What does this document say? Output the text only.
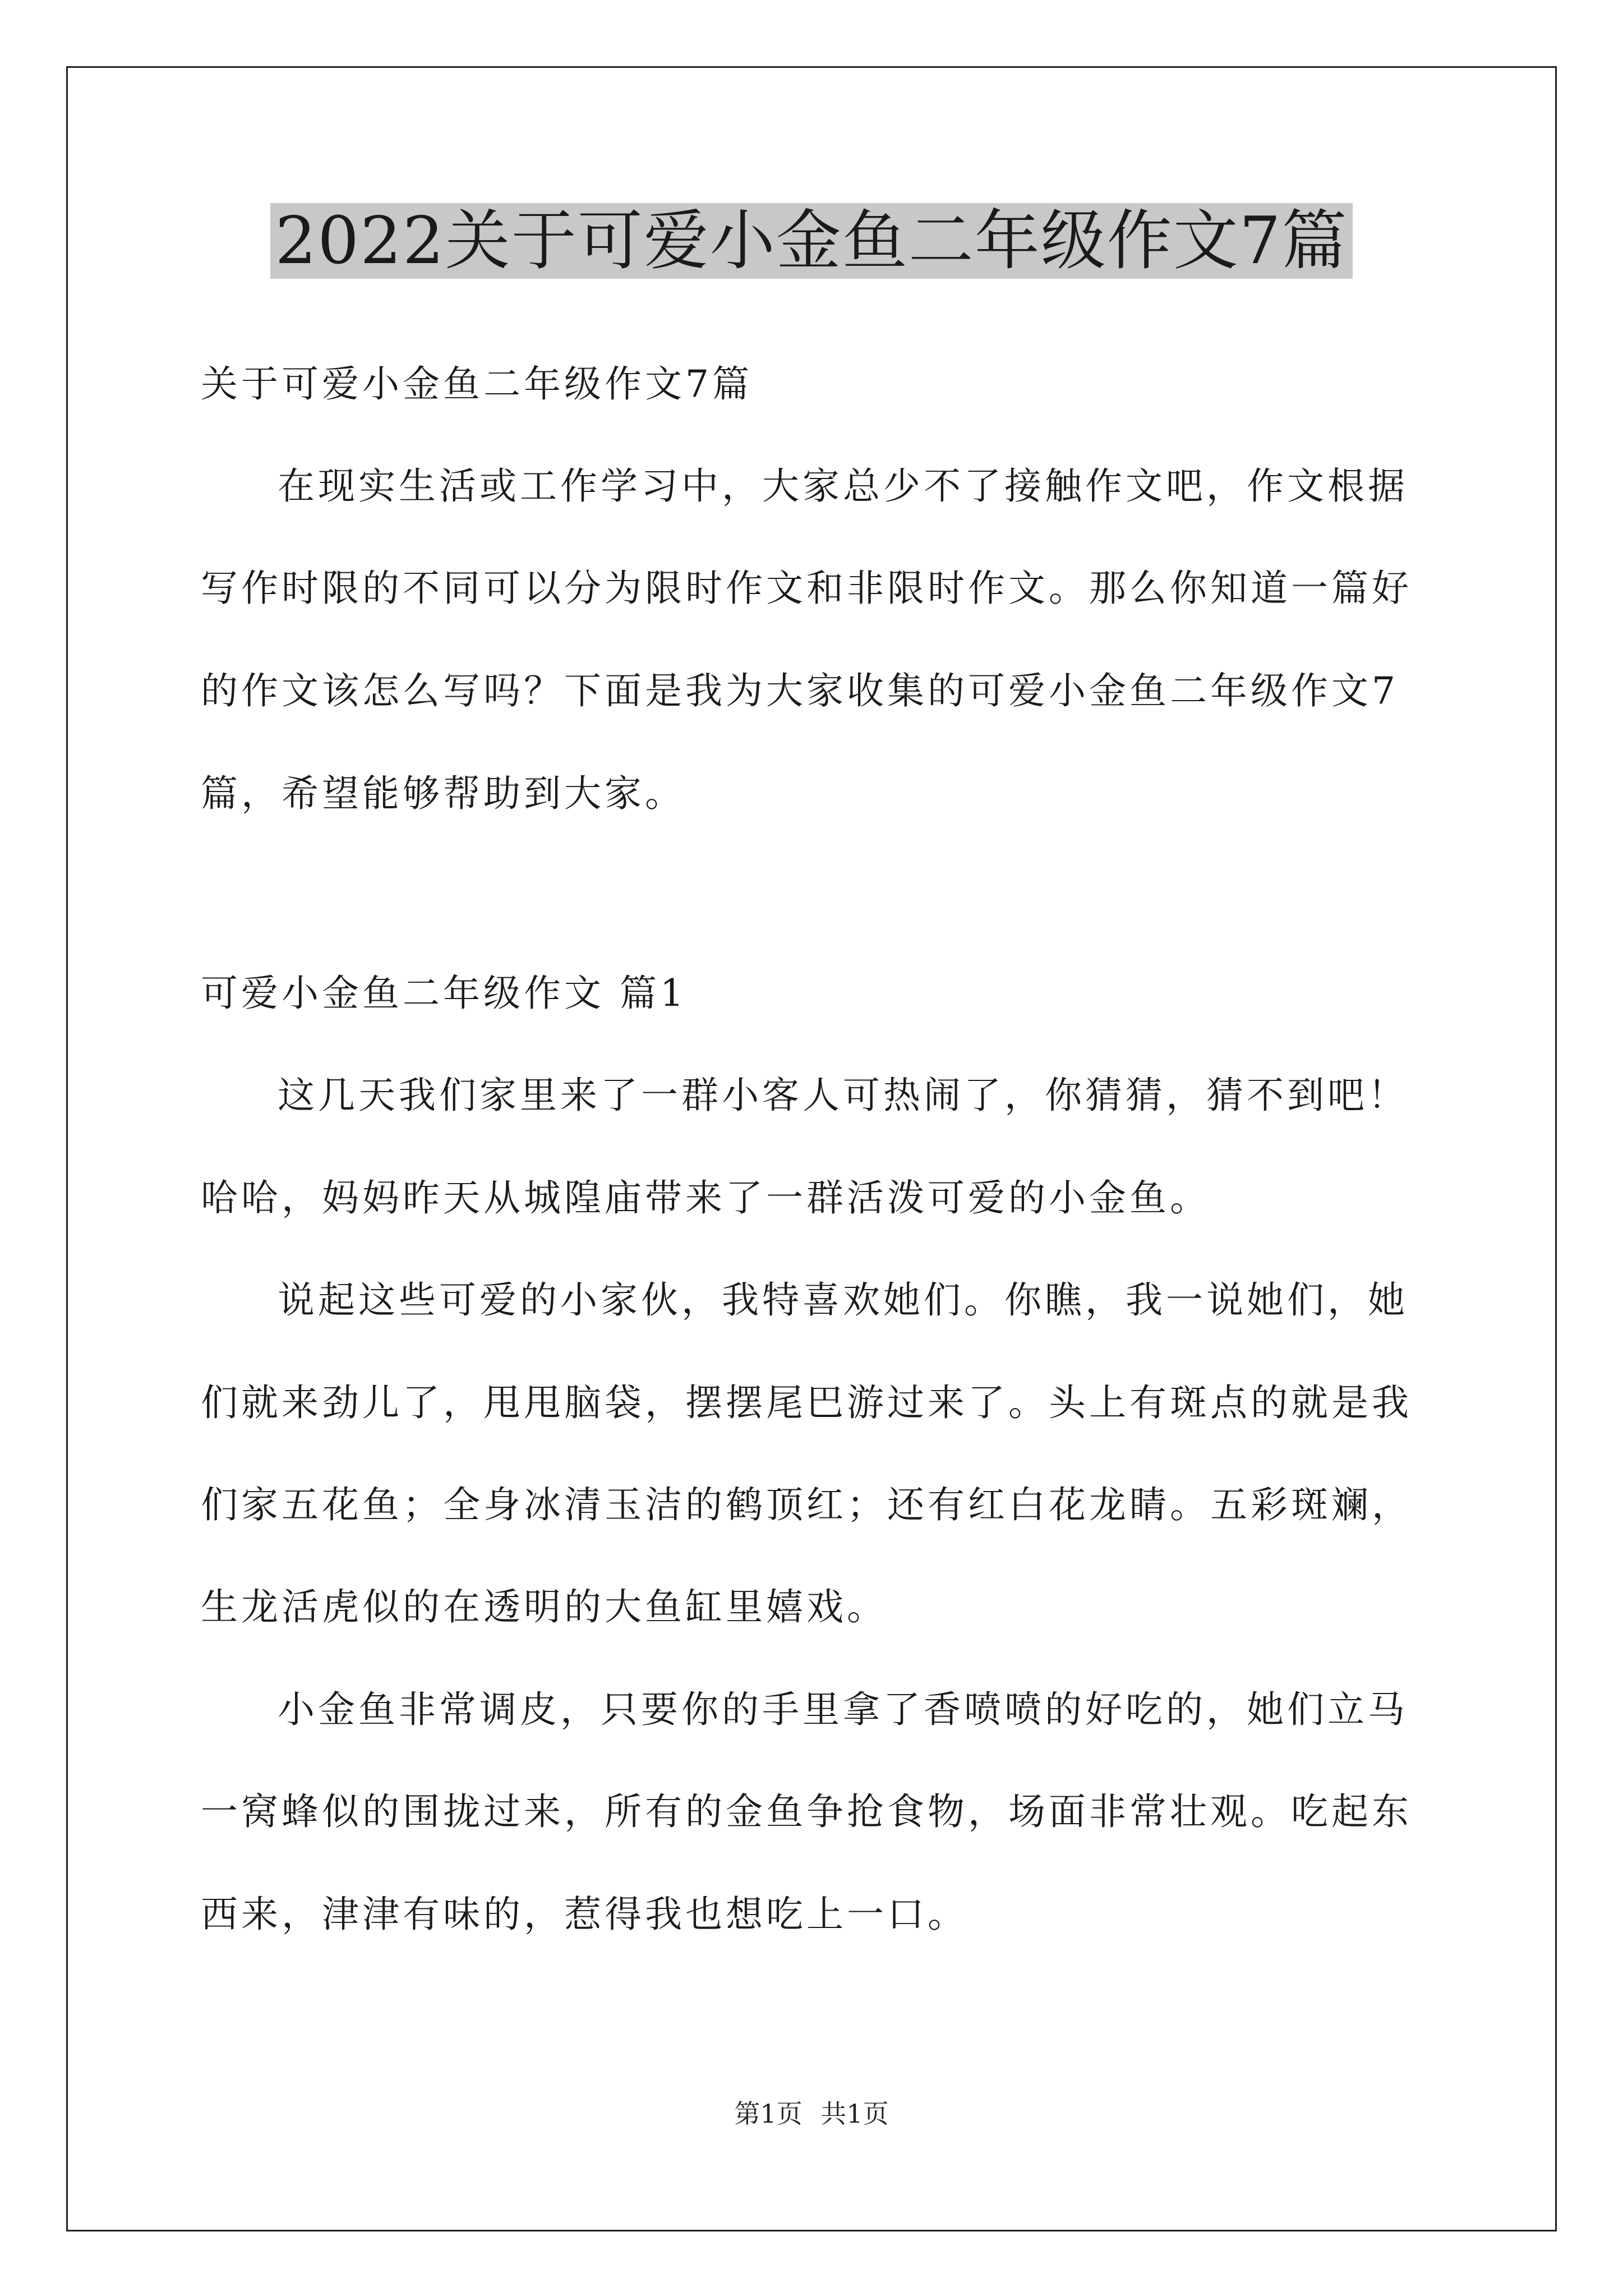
2022关于可爱小金鱼二年级作文7篇

关于可爱小金鱼二年级作文7篇

在现实生活或工作学习中，大家总少不了接触作文吧，作文根据

写作时限的不同可以分为限时作文和非限时作文。那么你知道一篇好

的作文该怎么写吗？下面是我为大家收集的可爱小金鱼二年级作文7

篇，希望能够帮助到大家。

可爱小金鱼二年级作文 篇1

这几天我们家里来了一群小客人可热闹了，你猜猜，猜不到吧！

哈哈，妈妈昨天从城隍庙带来了一群活泼可爱的小金鱼。

说起这些可爱的小家伙，我特喜欢她们。你瞧，我一说她们，她

们就来劲儿了，甩甩脑袋，摆摆尾巴游过来了。头上有斑点的就是我

们家五花鱼；全身冰清玉洁的鹤顶红；还有红白花龙睛。五彩斑斓，

生龙活虎似的在透明的大鱼缸里嬉戏。

小金鱼非常调皮，只要你的手里拿了香喷喷的好吃的，她们立马

一窝蜂似的围拢过来，所有的金鱼争抢食物，场面非常壮观。吃起东

西来，津津有味的，惹得我也想吃上一口。

第1页 共1页
